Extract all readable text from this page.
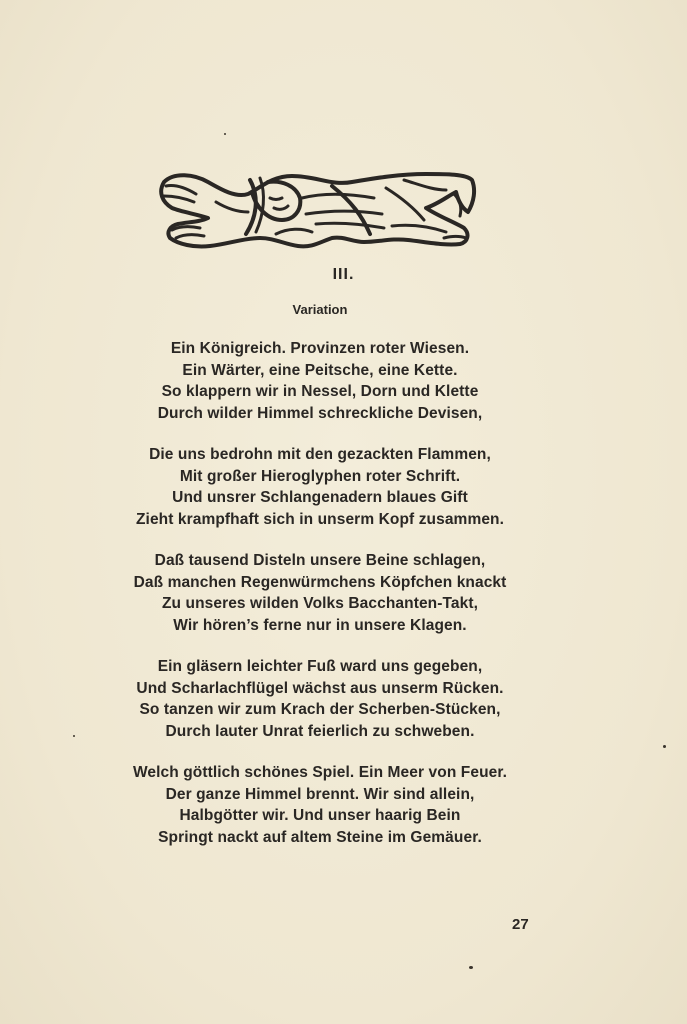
III.
Variation
Ein Königreich. Provinzen roter Wiesen.
Ein Wärter, eine Peitsche, eine Kette.
So klappern wir in Nessel, Dorn und Klette
Durch wilder Himmel schreckliche Devisen,
Die uns bedrohn mit den gezackten Flammen,
Mit großer Hieroglyphen roter Schrift.
Und unsrer Schlangenadern blaues Gift
Zieht krampfhaft sich in unserm Kopf zusammen.
Daß tausend Disteln unsere Beine schlagen,
Daß manchen Regenwürmchens Köpfchen knackt
Zu unseres wilden Volks Bacchanten-Takt,
Wir hören’s ferne nur in unsere Klagen.
Ein gläsern leichter Fuß ward uns gegeben,
Und Scharlachflügel wächst aus unserm Rücken.
So tanzen wir zum Krach der Scherben-Stücken,
Durch lauter Unrat feierlich zu schweben.
Welch göttlich schönes Spiel. Ein Meer von Feuer.
Der ganze Himmel brennt. Wir sind allein,
Halbgötter wir. Und unser haarig Bein
Springt nackt auf altem Steine im Gemäuer.
27
